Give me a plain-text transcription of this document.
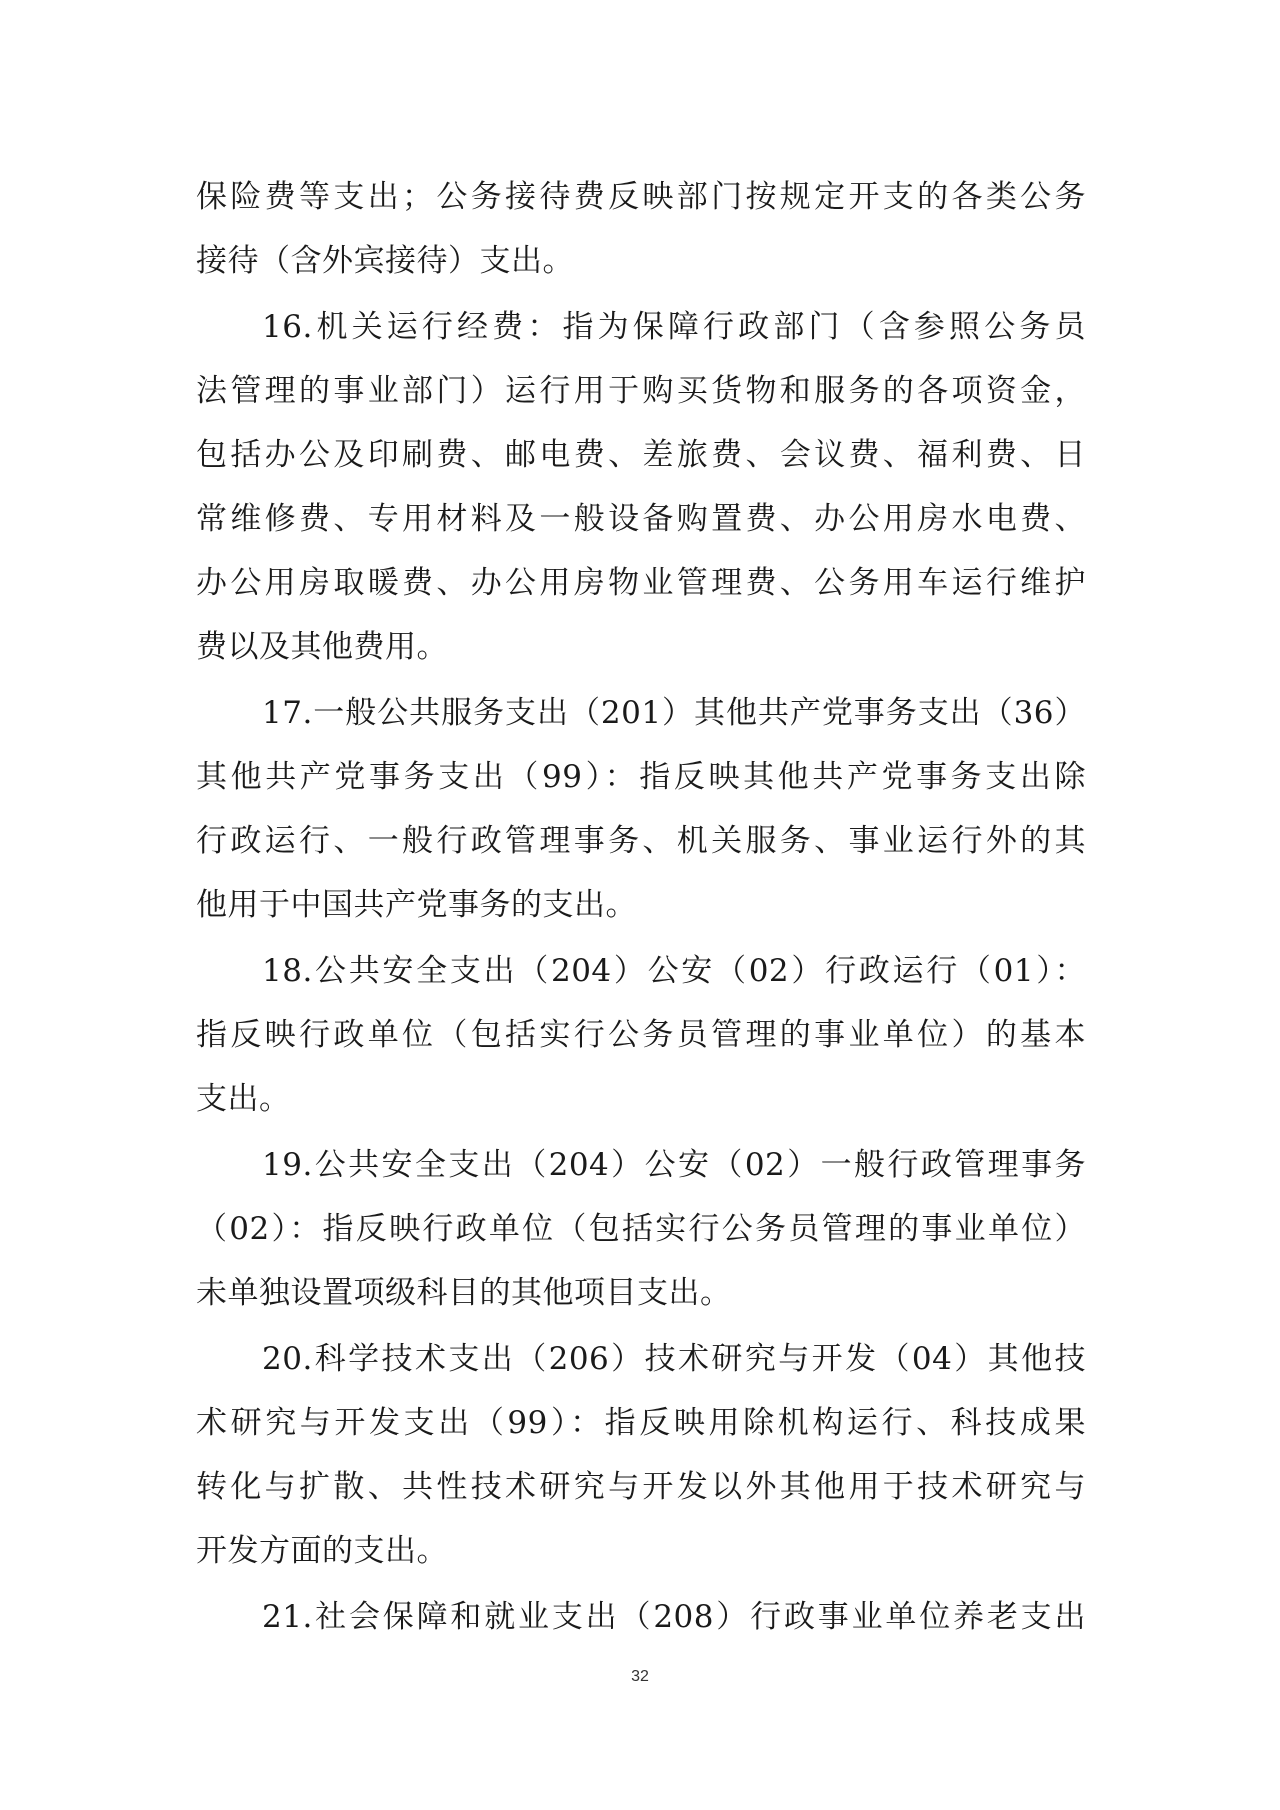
保险费等支出；公务接待费反映部门按规定开支的各类公务
接待（含外宾接待）支出。
16.机关运行经费：指为保障行政部门（含参照公务员
法管理的事业部门）运行用于购买货物和服务的各项资金，
包括办公及印刷费、邮电费、差旅费、会议费、福利费、日
常维修费、专用材料及一般设备购置费、办公用房水电费、
办公用房取暖费、办公用房物业管理费、公务用车运行维护
费以及其他费用。
17.一般公共服务支出（201）其他共产党事务支出（36）
其他共产党事务支出（99）：指反映其他共产党事务支出除
行政运行、一般行政管理事务、机关服务、事业运行外的其
他用于中国共产党事务的支出。
18.公共安全支出（204）公安（02）行政运行（01）：
指反映行政单位（包括实行公务员管理的事业单位）的基本
支出。
19.公共安全支出（204）公安（02）一般行政管理事务
（02）：指反映行政单位（包括实行公务员管理的事业单位）
未单独设置项级科目的其他项目支出。
20.科学技术支出（206）技术研究与开发（04）其他技
术研究与开发支出（99）：指反映用除机构运行、科技成果
转化与扩散、共性技术研究与开发以外其他用于技术研究与
开发方面的支出。
21.社会保障和就业支出（208）行政事业单位养老支出
32
